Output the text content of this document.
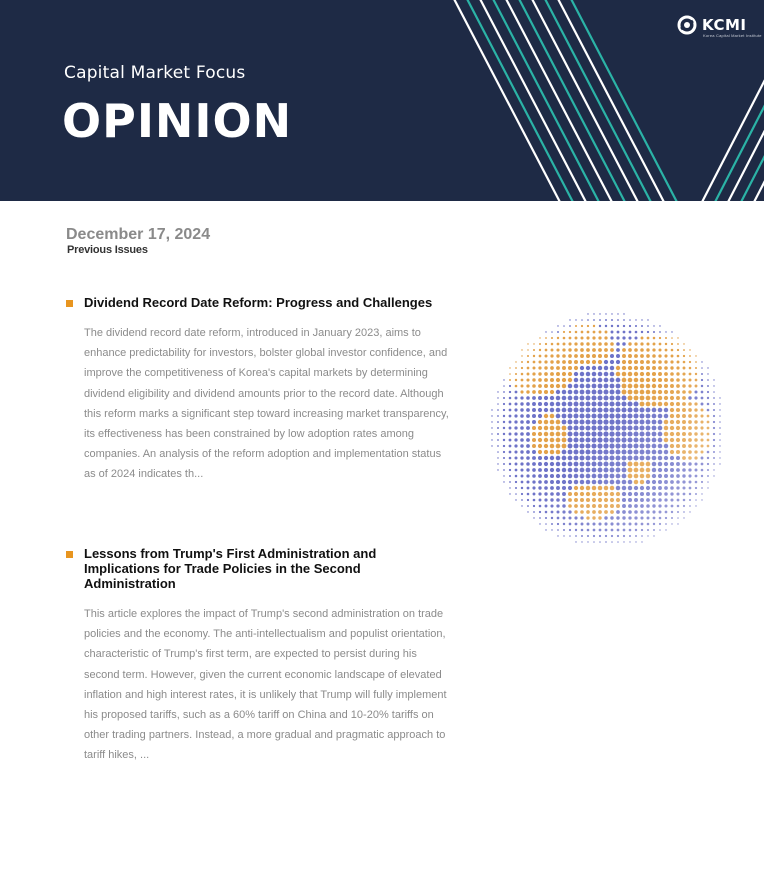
Capital Market Focus
OPINION
KCMI
Korea Capital Market Institute
December 17, 2024
Previous Issues
Dividend Record Date Reform: Progress and Challenges
The dividend record date reform, introduced in January 2023, aims to enhance predictability for investors, bolster global investor confidence, and improve the competitiveness of Korea's capital markets by determining dividend eligibility and dividend amounts prior to the record date. Although this reform marks a significant step toward increasing market transparency, its effectiveness has been constrained by low adoption rates among companies. An analysis of the reform adoption and implementation status as of 2024 indicates th...
Lessons from Trump's First Administration and Implications for Trade Policies in the Second Administration
This article explores the impact of Trump's second administration on trade policies and the economy. The anti-intellectualism and populist orientation, characteristic of Trump's first term, are expected to persist during his second term. However, given the current economic landscape of elevated inflation and high interest rates, it is unlikely that Trump will fully implement his proposed tariffs, such as a 60% tariff on China and 10-20% tariffs on other trading partners. Instead, a more gradual and pragmatic approach to tariff hikes, ...
